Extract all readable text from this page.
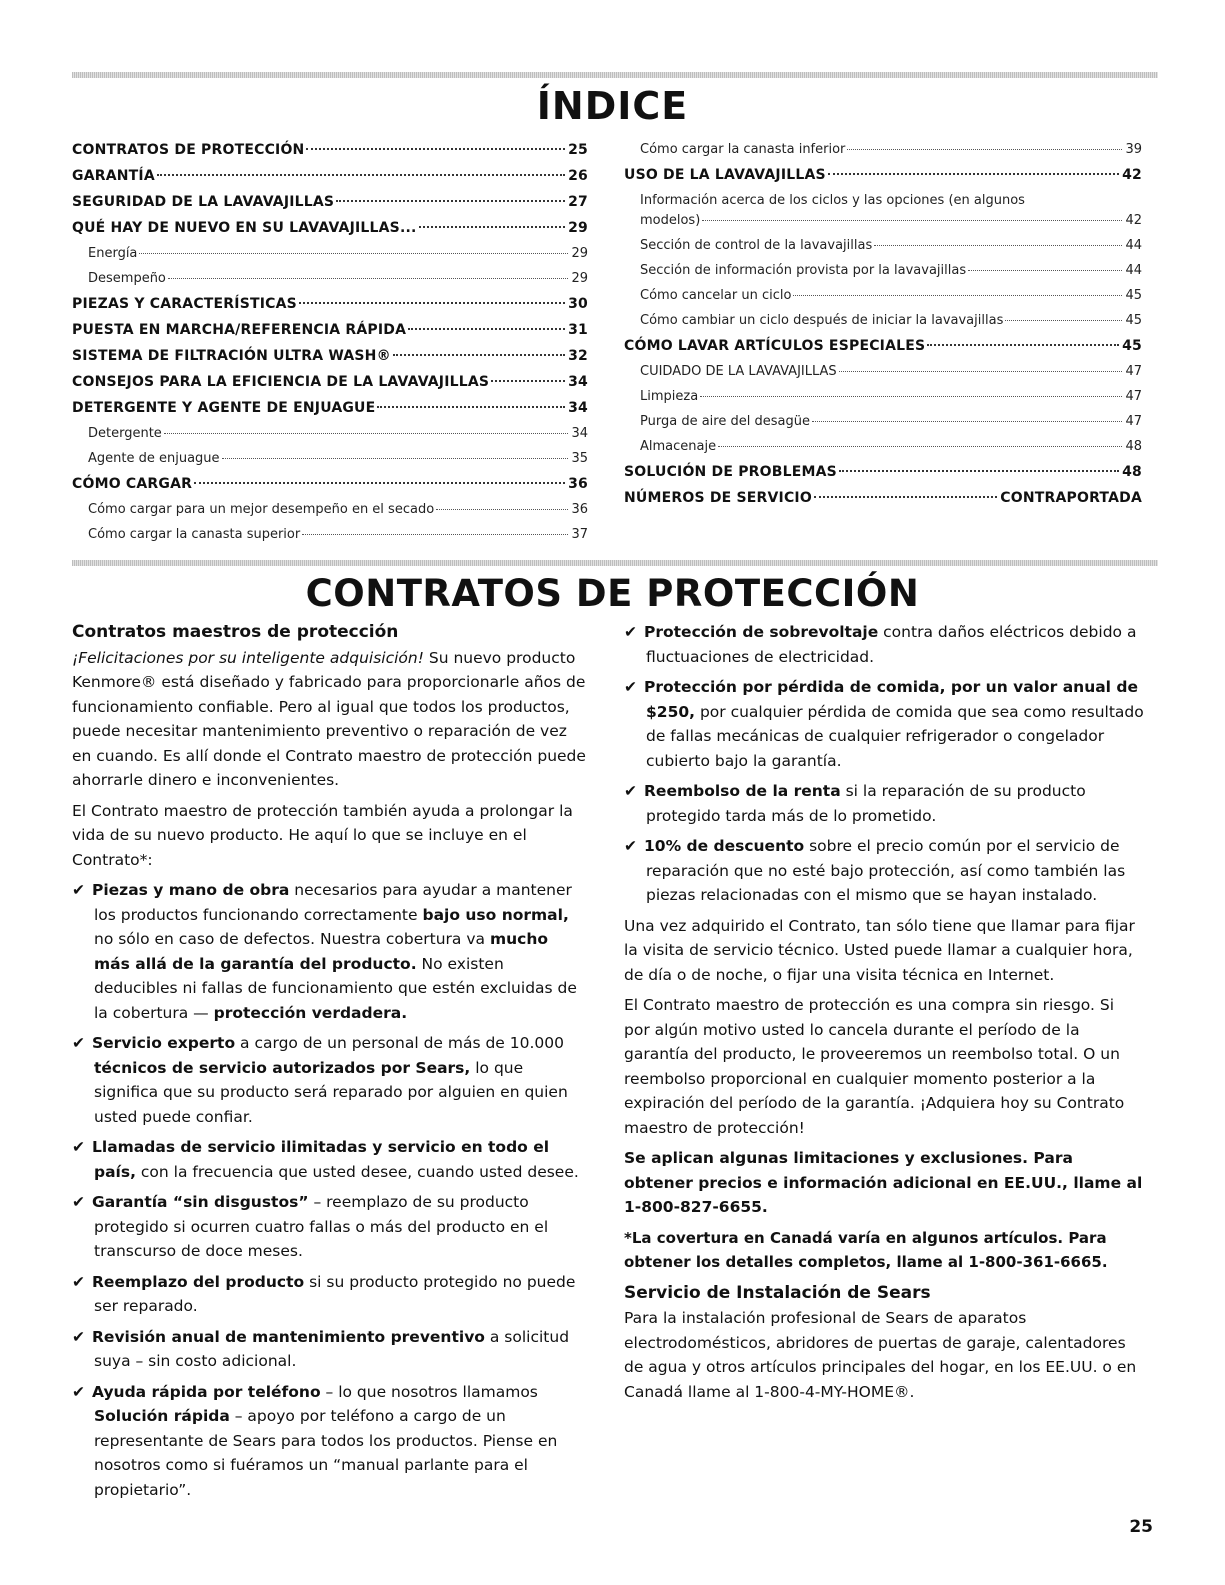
ÍNDICE
CONTRATOS DE PROTECCIÓN	25
GARANTÍA	26
SEGURIDAD DE LA LAVAVAJILLAS	27
QUÉ HAY DE NUEVO EN SU LAVAVAJILLAS...	29
Energía	29
Desempeño	29
PIEZAS Y CARACTERÍSTICAS	30
PUESTA EN MARCHA/REFERENCIA RÁPIDA	31
SISTEMA DE FILTRACIÓN ULTRA WASH®	32
CONSEJOS PARA LA EFICIENCIA DE LA LAVAVAJILLAS	34
DETERGENTE Y AGENTE DE ENJUAGUE	34
Detergente	34
Agente de enjuague	35
CÓMO CARGAR	36
Cómo cargar para un mejor desempeño en el secado	36
Cómo cargar la canasta superior	37
Cómo cargar la canasta inferior	39
USO DE LA LAVAVAJILLAS	42
Información acerca de los ciclos y las opciones (en algunos
modelos)	42
Sección de control de la lavavajillas	44
Sección de información provista por la lavavajillas	44
Cómo cancelar un ciclo	45
Cómo cambiar un ciclo después de iniciar la lavavajillas	45
CÓMO LAVAR ARTÍCULOS ESPECIALES	45
CUIDADO DE LA LAVAVAJILLAS	47
Limpieza	47
Purga de aire del desagüe	47
Almacenaje	48
SOLUCIÓN DE PROBLEMAS	48
NÚMEROS DE SERVICIO	CONTRAPORTADA
CONTRATOS DE PROTECCIÓN
Contratos maestros de protección

¡Felicitaciones por su inteligente adquisición! Su nuevo producto Kenmore® está diseñado y fabricado para proporcionarle años de funcionamiento confiable. Pero al igual que todos los productos, puede necesitar mantenimiento preventivo o reparación de vez en cuando. Es allí donde el Contrato maestro de protección puede ahorrarle dinero e inconvenientes.

El Contrato maestro de protección también ayuda a prolongar la vida de su nuevo producto. He aquí lo que se incluye en el Contrato*:

✔ Piezas y mano de obra necesarios para ayudar a mantener los productos funcionando correctamente bajo uso normal, no sólo en caso de defectos. Nuestra cobertura va mucho más allá de la garantía del producto. No existen deducibles ni fallas de funcionamiento que estén excluidas de la cobertura — protección verdadera.

✔ Servicio experto a cargo de un personal de más de 10.000 técnicos de servicio autorizados por Sears, lo que significa que su producto será reparado por alguien en quien usted puede confiar.

✔ Llamadas de servicio ilimitadas y servicio en todo el país, con la frecuencia que usted desee, cuando usted desee.

✔ Garantía “sin disgustos” – reemplazo de su producto protegido si ocurren cuatro fallas o más del producto en el transcurso de doce meses.

✔ Reemplazo del producto si su producto protegido no puede ser reparado.

✔ Revisión anual de mantenimiento preventivo a solicitud suya – sin costo adicional.

✔ Ayuda rápida por teléfono – lo que nosotros llamamos Solución rápida – apoyo por teléfono a cargo de un representante de Sears para todos los productos. Piense en nosotros como si fuéramos un “manual parlante para el propietario”.

✔ Protección de sobrevoltaje contra daños eléctricos debido a fluctuaciones de electricidad.

✔ Protección por pérdida de comida, por un valor anual de $250, por cualquier pérdida de comida que sea como resultado de fallas mecánicas de cualquier refrigerador o congelador cubierto bajo la garantía.

✔ Reembolso de la renta si la reparación de su producto protegido tarda más de lo prometido.

✔ 10% de descuento sobre el precio común por el servicio de reparación que no esté bajo protección, así como también las piezas relacionadas con el mismo que se hayan instalado.

Una vez adquirido el Contrato, tan sólo tiene que llamar para fijar la visita de servicio técnico. Usted puede llamar a cualquier hora, de día o de noche, o fijar una visita técnica en Internet.

El Contrato maestro de protección es una compra sin riesgo. Si por algún motivo usted lo cancela durante el período de la garantía del producto, le proveeremos un reembolso total. O un reembolso proporcional en cualquier momento posterior a la expiración del período de la garantía. ¡Adquiera hoy su Contrato maestro de protección!

Se aplican algunas limitaciones y exclusiones. Para obtener precios e información adicional en EE.UU., llame al 1-800-827-6655.

*La covertura en Canadá varía en algunos artículos. Para obtener los detalles completos, llame al 1-800-361-6665.

Servicio de Instalación de Sears

Para la instalación profesional de Sears de aparatos electrodomésticos, abridores de puertas de garaje, calentadores de agua y otros artículos principales del hogar, en los EE.UU. o en Canadá llame al 1-800-4-MY-HOME®.

25
